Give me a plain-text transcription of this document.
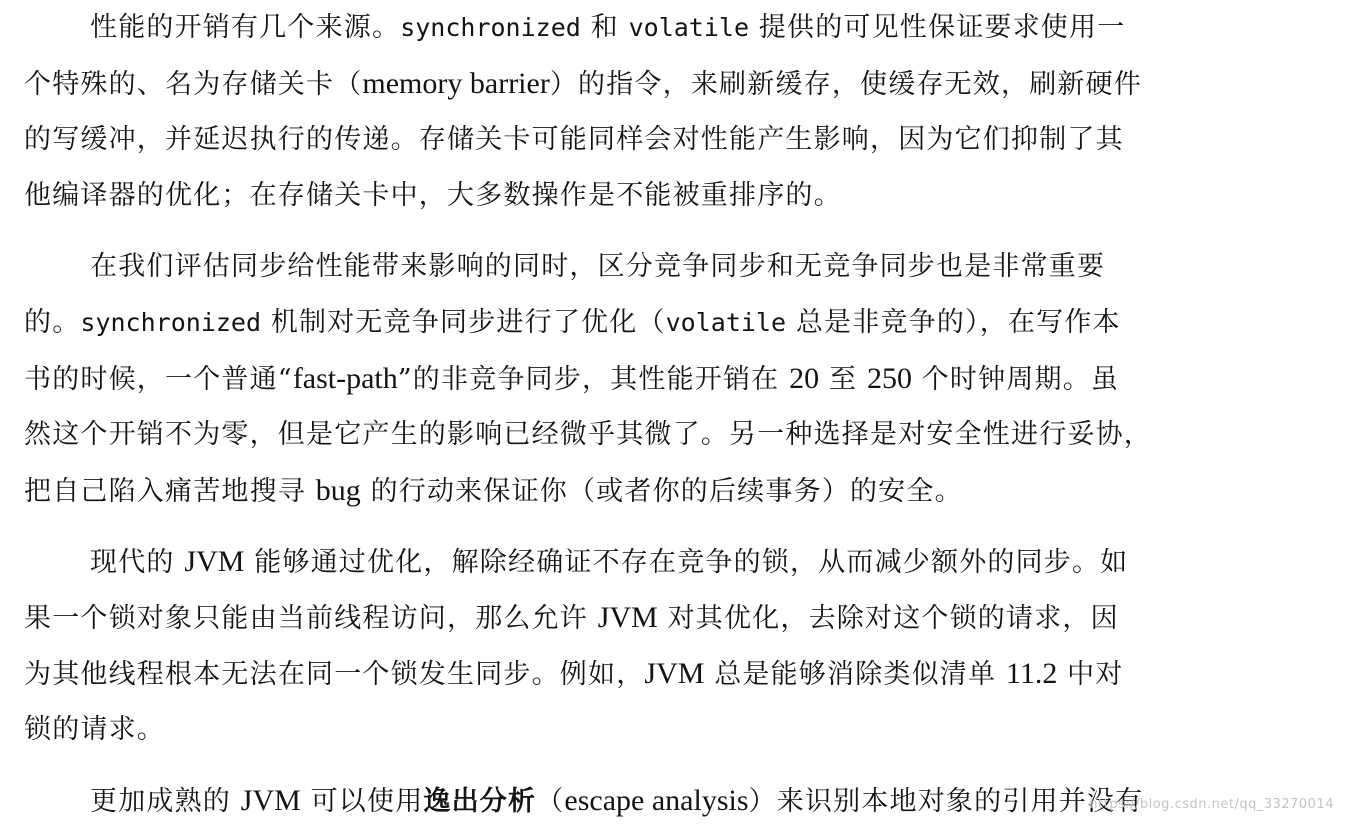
性能的开销有几个来源。synchronized 和 volatile 提供的可见性保证要求使用一

个特殊的、名为存储关卡（memory barrier）的指令，来刷新缓存，使缓存无效，刷新硬件

的写缓冲，并延迟执行的传递。存储关卡可能同样会对性能产生影响，因为它们抑制了其

他编译器的优化；在存储关卡中，大多数操作是不能被重排序的。

在我们评估同步给性能带来影响的同时，区分竞争同步和无竞争同步也是非常重要

的。synchronized 机制对无竞争同步进行了优化（volatile 总是非竞争的），在写作本

书的时候，一个普通“fast-path”的非竞争同步，其性能开销在 20 至 250 个时钟周期。虽

然这个开销不为零，但是它产生的影响已经微乎其微了。另一种选择是对安全性进行妥协，

把自己陷入痛苦地搜寻 bug 的行动来保证你（或者你的后续事务）的安全。

现代的 JVM 能够通过优化，解除经确证不存在竞争的锁，从而减少额外的同步。如

果一个锁对象只能由当前线程访问，那么允许 JVM 对其优化，去除对这个锁的请求，因

为其他线程根本无法在同一个锁发生同步。例如，JVM 总是能够消除类似清单 11.2 中对

锁的请求。

更加成熟的 JVM 可以使用逸出分析（escape analysis）来识别本地对象的引用并没有

https://blog.csdn.net/qq_33270014
